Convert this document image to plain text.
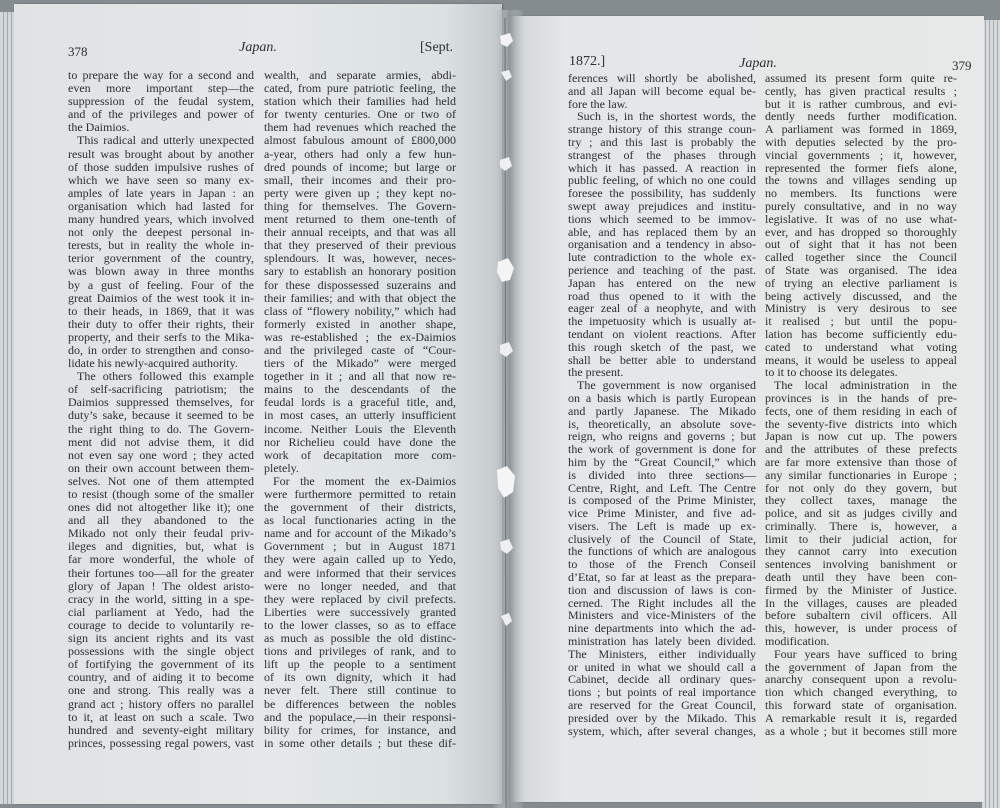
378	Japan.	[Sept.
1872.]	Japan.	379
to prepare the way for a second and
even more important step—the
suppression of the feudal system,
and of the privileges and power of
the Daimios.
This radical and utterly unexpected
result was brought about by another
of those sudden impulsive rushes of
which we have seen so many ex-
amples of late years in Japan : an
organisation which had lasted for
many hundred years, which involved
not only the deepest personal in-
terests, but in reality the whole in-
terior government of the country,
was blown away in three months
by a gust of feeling. Four of the
great Daimios of the west took it in-
to their heads, in 1869, that it was
their duty to offer their rights, their
property, and their serfs to the Mika-
do, in order to strengthen and conso-
lidate his newly-acquired authority.
The others followed this example
of self-sacrificing patriotism; the
Daimios suppressed themselves, for
duty’s sake, because it seemed to be
the right thing to do. The Govern-
ment did not advise them, it did
not even say one word ; they acted
on their own account between them-
selves. Not one of them attempted
to resist (though some of the smaller
ones did not altogether like it); one
and all they abandoned to the
Mikado not only their feudal priv-
ileges and dignities, but, what is
far more wonderful, the whole of
their fortunes too—all for the greater
glory of Japan ! The oldest aristo-
cracy in the world, sitting in a spe-
cial parliament at Yedo, had the
courage to decide to voluntarily re-
sign its ancient rights and its vast
possessions with the single object
of fortifying the government of its
country, and of aiding it to become
one and strong. This really was a
grand act ; history offers no parallel
to it, at least on such a scale. Two
hundred and seventy-eight military
princes, possessing regal powers, vast
wealth, and separate armies, abdi-
cated, from pure patriotic feeling, the
station which their families had held
for twenty centuries. One or two of
them had revenues which reached the
almost fabulous amount of £800,000
a-year, others had only a few hun-
dred pounds of income; but large or
small, their incomes and their pro-
perty were given up ; they kept no-
thing for themselves. The Govern-
ment returned to them one-tenth of
their annual receipts, and that was all
that they preserved of their previous
splendours. It was, however, neces-
sary to establish an honorary position
for these dispossessed suzerains and
their families; and with that object the
class of “flowery nobility,” which had
formerly existed in another shape,
was re-established ; the ex-Daimios
and the privileged caste of “Cour-
tiers of the Mikado” were merged
together in it ; and all that now re-
mains to the descendants of the
feudal lords is a graceful title, and,
in most cases, an utterly insufficient
income. Neither Louis the Eleventh
nor Richelieu could have done the
work of decapitation more com-
pletely.
For the moment the ex-Daimios
were furthermore permitted to retain
the government of their districts,
as local functionaries acting in the
name and for account of the Mikado’s
Government ; but in August 1871
they were again called up to Yedo,
and were informed that their services
were no longer needed, and that
they were replaced by civil prefects.
Liberties were successively granted
to the lower classes, so as to efface
as much as possible the old distinc-
tions and privileges of rank, and to
lift up the people to a sentiment
of its own dignity, which it had
never felt. There still continue to
be differences between the nobles
and the populace,—in their responsi-
bility for crimes, for instance, and
in some other details ; but these dif-
ferences will shortly be abolished,
and all Japan will become equal be-
fore the law.
Such is, in the shortest words, the
strange history of this strange coun-
try ; and this last is probably the
strangest of the phases through
which it has passed. A reaction in
public feeling, of which no one could
foresee the possibility, has suddenly
swept away prejudices and institu-
tions which seemed to be immov-
able, and has replaced them by an
organisation and a tendency in abso-
lute contradiction to the whole ex-
perience and teaching of the past.
Japan has entered on the new
road thus opened to it with the
eager zeal of a neophyte, and with
the impetuosity which is usually at-
tendant on violent reactions. After
this rough sketch of the past, we
shall be better able to understand
the present.
The government is now organised
on a basis which is partly European
and partly Japanese. The Mikado
is, theoretically, an absolute sove-
reign, who reigns and governs ; but
the work of government is done for
him by the “Great Council,” which
is divided into three sections—
Centre, Right, and Left. The Centre
is composed of the Prime Minister,
vice Prime Minister, and five ad-
visers. The Left is made up ex-
clusively of the Council of State,
the functions of which are analogous
to those of the French Conseil
d’Etat, so far at least as the prepara-
tion and discussion of laws is con-
cerned. The Right includes all the
Ministers and vice-Ministers of the
nine departments into which the ad-
ministration has lately been divided.
The Ministers, either individually
or united in what we should call a
Cabinet, decide all ordinary ques-
tions ; but points of real importance
are reserved for the Great Council,
presided over by the Mikado. This
system, which, after several changes,
assumed its present form quite re-
cently, has given practical results ;
but it is rather cumbrous, and evi-
dently needs further modification.
A parliament was formed in 1869,
with deputies selected by the pro-
vincial governments ; it, however,
represented the former fiefs alone,
the towns and villages sending up
no members. Its functions were
purely consultative, and in no way
legislative. It was of no use what-
ever, and has dropped so thoroughly
out of sight that it has not been
called together since the Council
of State was organised. The idea
of trying an elective parliament is
being actively discussed, and the
Ministry is very desirous to see
it realised ; but until the popu-
lation has become sufficiently edu-
cated to understand what voting
means, it would be useless to appeal
to it to choose its delegates.
The local administration in the
provinces is in the hands of pre-
fects, one of them residing in each of
the seventy-five districts into which
Japan is now cut up. The powers
and the attributes of these prefects
are far more extensive than those of
any similar functionaries in Europe ;
for not only do they govern, but
they collect taxes, manage the
police, and sit as judges civilly and
criminally. There is, however, a
limit to their judicial action, for
they cannot carry into execution
sentences involving banishment or
death until they have been con-
firmed by the Minister of Justice.
In the villages, causes are pleaded
before subaltern civil officers. All
this, however, is under process of
modification.
Four years have sufficed to bring
the government of Japan from the
anarchy consequent upon a revolu-
tion which changed everything, to
this forward state of organisation.
A remarkable result it is, regarded
as a whole ; but it becomes still more
